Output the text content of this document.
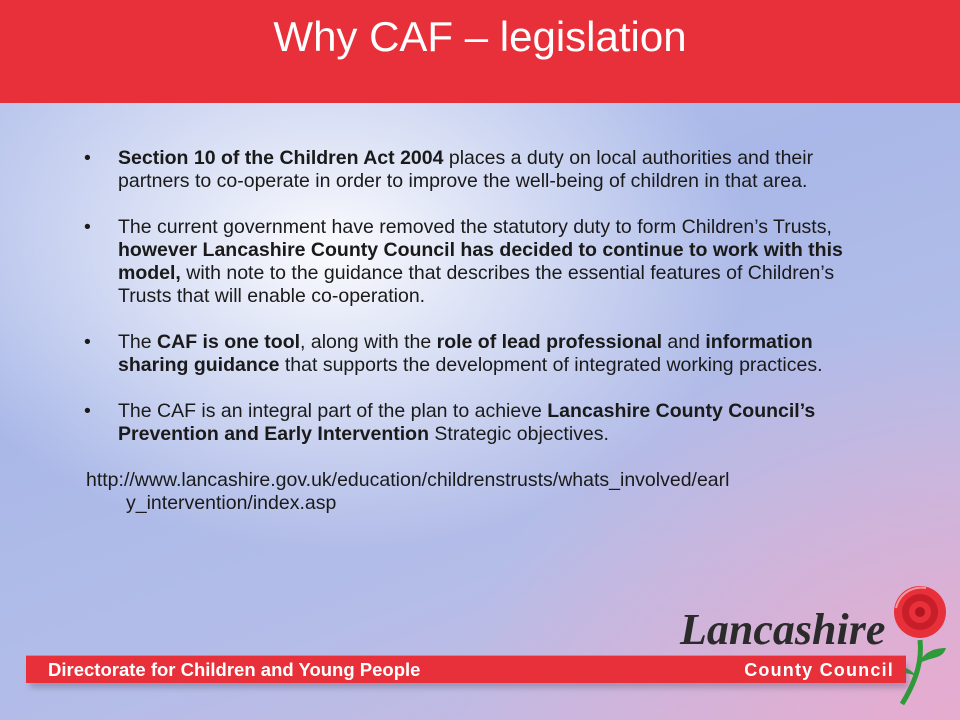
Why CAF – legislation
•	Section 10 of the Children Act 2004 places a duty on local authorities and their partners to co-operate in order to improve the well-being of children in that area.
•	The current government have removed the statutory duty to form Children’s Trusts, however Lancashire County Council has decided to continue to work with this model, with note to the guidance that describes the essential features of Children’s Trusts that will enable co-operation.
•	The CAF is one tool, along with the role of lead professional and information sharing guidance that supports the development of integrated working practices.
•	The CAF is an integral part of the plan to achieve Lancashire County Council’s Prevention and Early Intervention Strategic objectives.
http://www.lancashire.gov.uk/education/childrenstrusts/whats_involved/earl
y_intervention/index.asp
Lancashire
Directorate for Children and Young People	County Council
